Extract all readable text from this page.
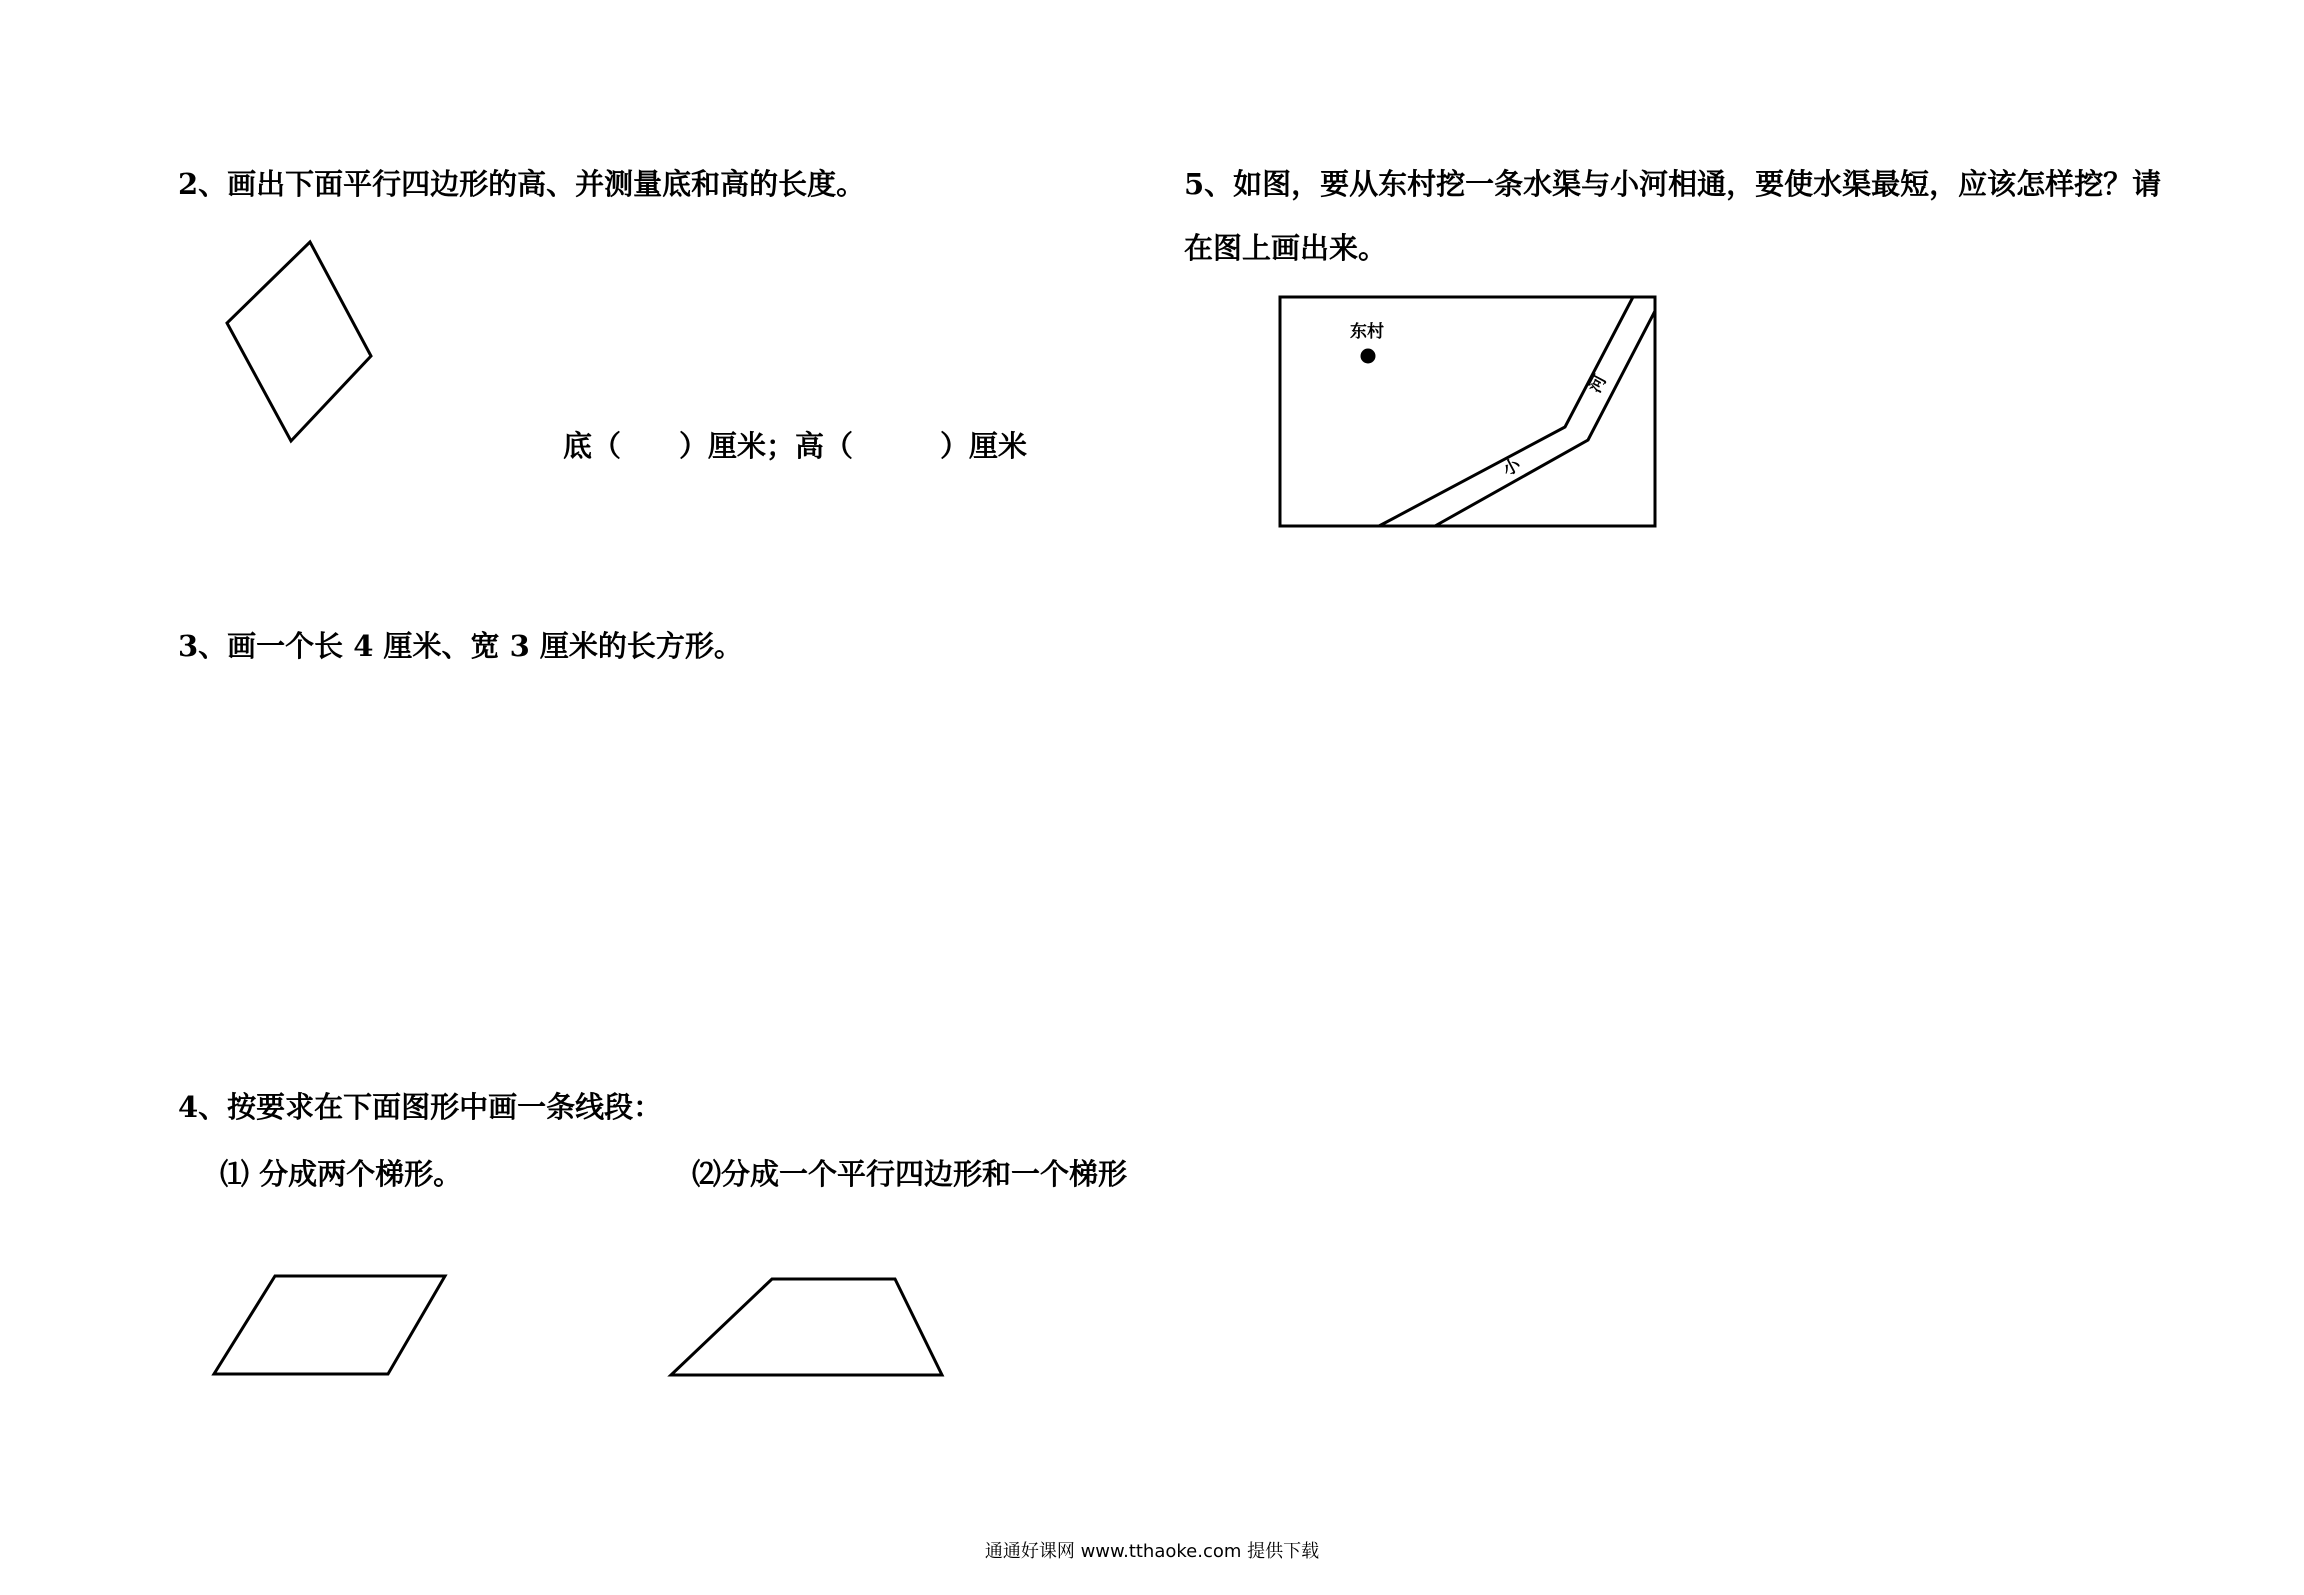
2、画出下面平行四边形的高、并测量底和高的长度。
底（　　）厘米；高（　　　）厘米
3、画一个长 4 厘米、宽 3 厘米的长方形。
4、按要求在下面图形中画一条线段：
⑴ 分成两个梯形。	⑵分成一个平行四边形和一个梯形
5、如图，要从东村挖一条水渠与小河相通，要使水渠最短，应该怎样挖？请
在图上画出来。
东村
小
河
通通好课网 www.tthaoke.com 提供下载
